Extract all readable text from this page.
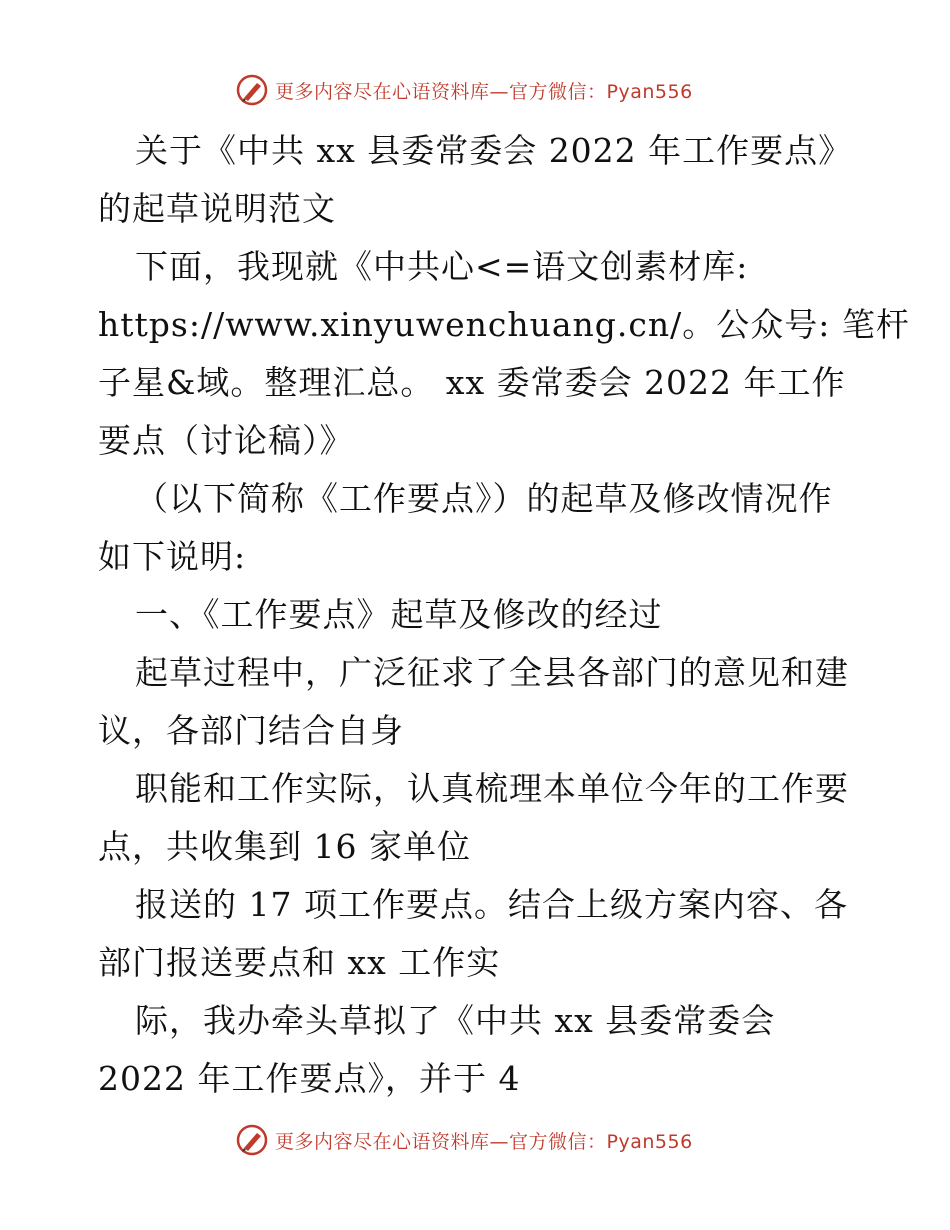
更多内容尽在心语资料库—官方微信：Pyan556
关于《中共 xx 县委常委会 2022 年工作要点》
的起草说明范文
下面，我现就《中共心<=语文创素材库:
https://www.xinyuwenchuang.cn/。公众号: 笔杆
子星&域。整理汇总。 xx 委常委会 2022 年工作
要点（讨论稿）》
（以下简称《工作要点》）的起草及修改情况作
如下说明:
一、《工作要点》起草及修改的经过
起草过程中，广泛征求了全县各部门的意见和建
议，各部门结合自身
职能和工作实际，认真梳理本单位今年的工作要
点，共收集到 16 家单位
报送的 17 项工作要点。结合上级方案内容、各
部门报送要点和 xx 工作实
际，我办牵头草拟了《中共 xx 县委常委会
2022 年工作要点》，并于 4
更多内容尽在心语资料库—官方微信：Pyan556
